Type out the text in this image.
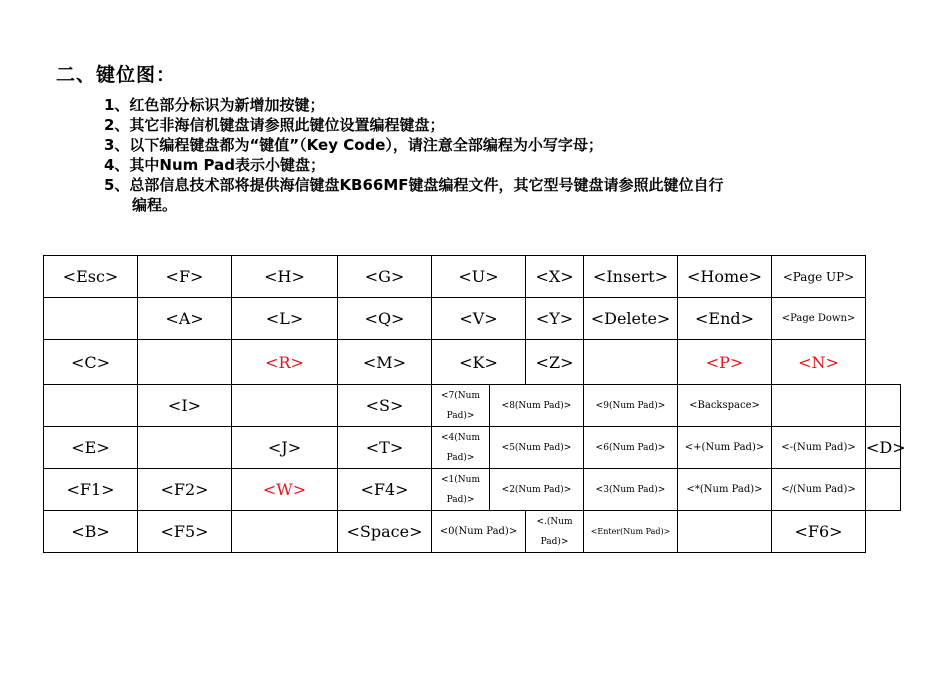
二、键位图：
1、红色部分标识为新增加按键；
2、其它非海信机键盘请参照此键位设置编程键盘；
3、以下编程键盘都为“键值”（Key Code），请注意全部编程为小写字母；
4、其中Num Pad表示小键盘；
5、总部信息技术部将提供海信键盘KB66MF键盘编程文件，其它型号键盘请参照此键位自行
编程。
<Esc>	<F>	<H>	<G>	<U>		<X>	<Insert>	<Home>	<Page UP>	
	<A>	<L>	<Q>	<V>		<Y>	<Delete>	<End>	<Page Down>	
<C>		<R>	<M>	<K>		<Z>		<P>	<N>	
	<I>		<S>	<7(Num Pad)>	<8(Num Pad)>		<9(Num Pad)>	<Backspace>		
<E>		<J>	<T>	<4(Num Pad)>	<5(Num Pad)>		<6(Num Pad)>	<+(Num Pad)>	<-(Num Pad)>	<D>
<F1>	<F2>	<W>	<F4>	<1(Num Pad)>	<2(Num Pad)>		<3(Num Pad)>	<*(Num Pad)>	</(Num Pad)>	
<B>	<F5>		<Space>	<0(Num Pad)>		<.(Num Pad)>	<Enter(Num Pad)>		<F6>	
